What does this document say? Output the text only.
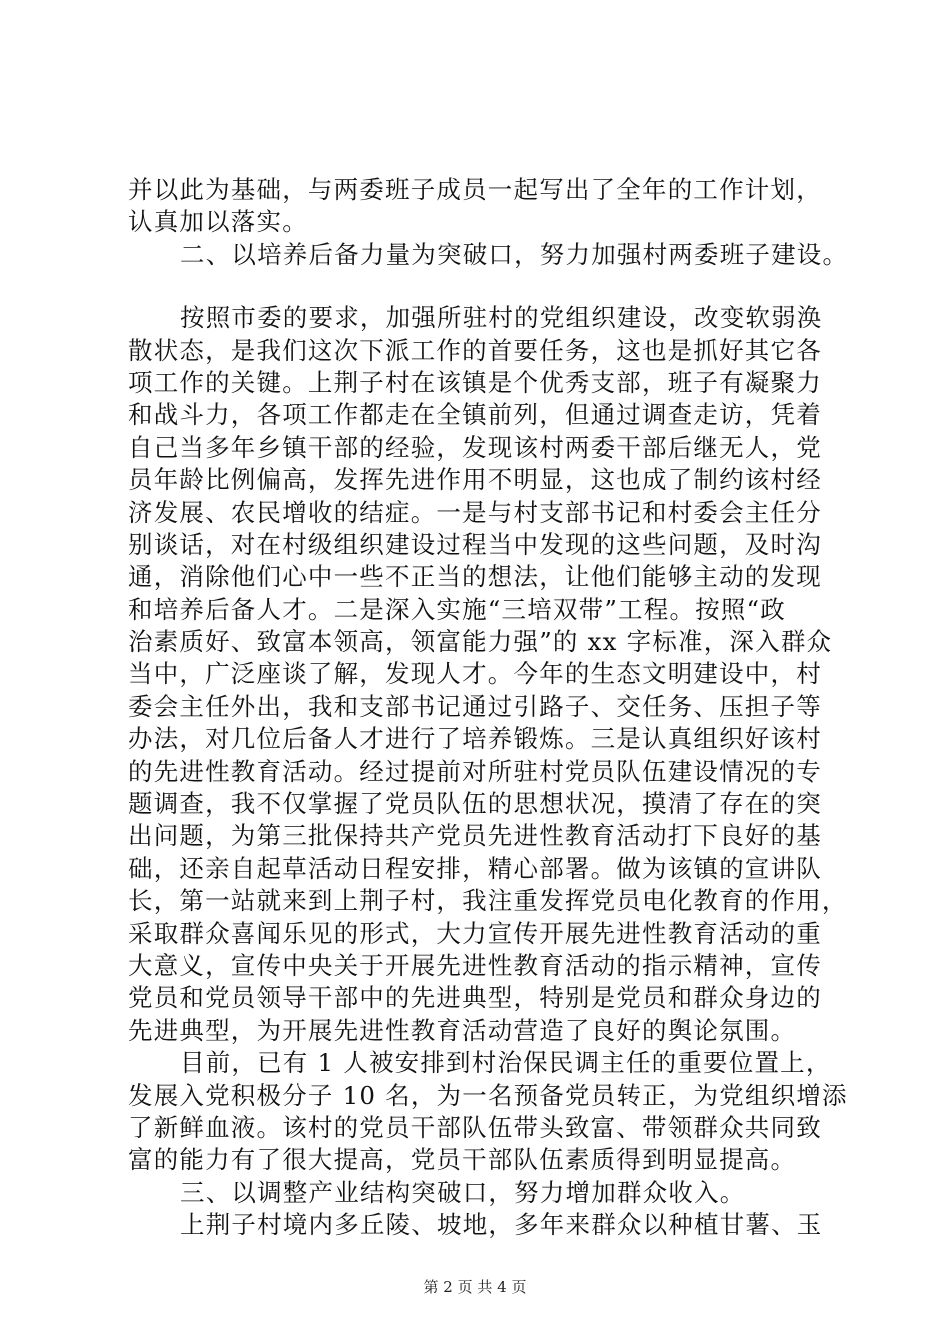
并以此为基础，与两委班子成员一起写出了全年的工作计划，
认真加以落实。
二、以培养后备力量为突破口，努力加强村两委班子建设。
按照市委的要求，加强所驻村的党组织建设，改变软弱涣
散状态，是我们这次下派工作的首要任务，这也是抓好其它各
项工作的关键。上荆子村在该镇是个优秀支部，班子有凝聚力
和战斗力，各项工作都走在全镇前列，但通过调查走访，凭着
自己当多年乡镇干部的经验，发现该村两委干部后继无人，党
员年龄比例偏高，发挥先进作用不明显，这也成了制约该村经
济发展、农民增收的结症。一是与村支部书记和村委会主任分
别谈话，对在村级组织建设过程当中发现的这些问题，及时沟
通，消除他们心中一些不正当的想法，让他们能够主动的发现
和培养后备人才。二是深入实施“三培双带”工程。按照“政
治素质好、致富本领高，领富能力强”的 xx 字标准，深入群众
当中，广泛座谈了解，发现人才。今年的生态文明建设中，村
委会主任外出，我和支部书记通过引路子、交任务、压担子等
办法，对几位后备人才进行了培养锻炼。三是认真组织好该村
的先进性教育活动。经过提前对所驻村党员队伍建设情况的专
题调查，我不仅掌握了党员队伍的思想状况，摸清了存在的突
出问题，为第三批保持共产党员先进性教育活动打下良好的基
础，还亲自起草活动日程安排，精心部署。做为该镇的宣讲队
长，第一站就来到上荆子村，我注重发挥党员电化教育的作用，
采取群众喜闻乐见的形式，大力宣传开展先进性教育活动的重
大意义，宣传中央关于开展先进性教育活动的指示精神，宣传
党员和党员领导干部中的先进典型，特别是党员和群众身边的
先进典型，为开展先进性教育活动营造了良好的舆论氛围。
目前，已有 1 人被安排到村治保民调主任的重要位置上，
发展入党积极分子 10 名，为一名预备党员转正，为党组织增添
了新鲜血液。该村的党员干部队伍带头致富、带领群众共同致
富的能力有了很大提高，党员干部队伍素质得到明显提高。
三、以调整产业结构突破口，努力增加群众收入。
上荆子村境内多丘陵、坡地，多年来群众以种植甘薯、玉
第 2 页 共 4 页
